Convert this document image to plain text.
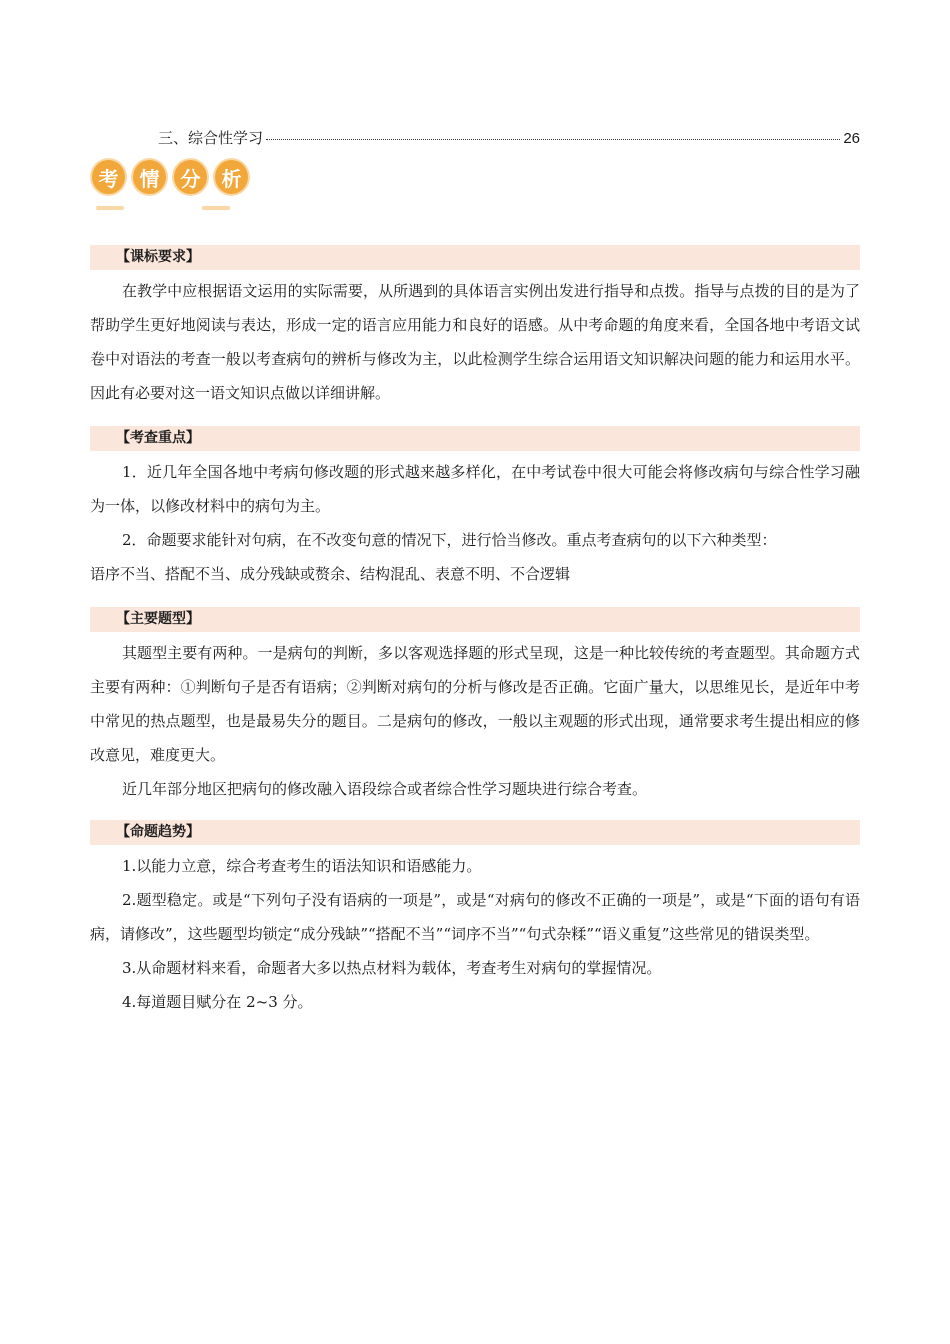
三、综合性学习	26
考	情	分	析
【课标要求】

在教学中应根据语文运用的实际需要，从所遇到的具体语言实例出发进行指导和点拨。指导与点拨的目的是为了帮助学生更好地阅读与表达，形成一定的语言应用能力和良好的语感。从中考命题的角度来看，全国各地中考语文试卷中对语法的考查一般以考查病句的辨析与修改为主，以此检测学生综合运用语文知识解决问题的能力和运用水平。因此有必要对这一语文知识点做以详细讲解。

【考查重点】

1．近几年全国各地中考病句修改题的形式越来越多样化，在中考试卷中很大可能会将修改病句与综合性学习融为一体，以修改材料中的病句为主。

2．命题要求能针对句病，在不改变句意的情况下，进行恰当修改。重点考查病句的以下六种类型：

语序不当、搭配不当、成分残缺或赘余、结构混乱、表意不明、不合逻辑

【主要题型】

其题型主要有两种。一是病句的判断，多以客观选择题的形式呈现，这是一种比较传统的考查题型。其命题方式主要有两种：①判断句子是否有语病；②判断对病句的分析与修改是否正确。它面广量大，以思维见长，是近年中考中常见的热点题型，也是最易失分的题目。二是病句的修改，一般以主观题的形式出现，通常要求考生提出相应的修改意见，难度更大。

近几年部分地区把病句的修改融入语段综合或者综合性学习题块进行综合考查。

【命题趋势】

1.以能力立意，综合考查考生的语法知识和语感能力。

2.题型稳定。或是“下列句子没有语病的一项是”，或是“对病句的修改不正确的一项是”，或是“下面的语句有语病，请修改”，这些题型均锁定“成分残缺”“搭配不当”“词序不当”“句式杂糅”“语义重复”这些常见的错误类型。

3.从命题材料来看，命题者大多以热点材料为载体，考查考生对病句的掌握情况。

4.每道题目赋分在 2~3 分。
